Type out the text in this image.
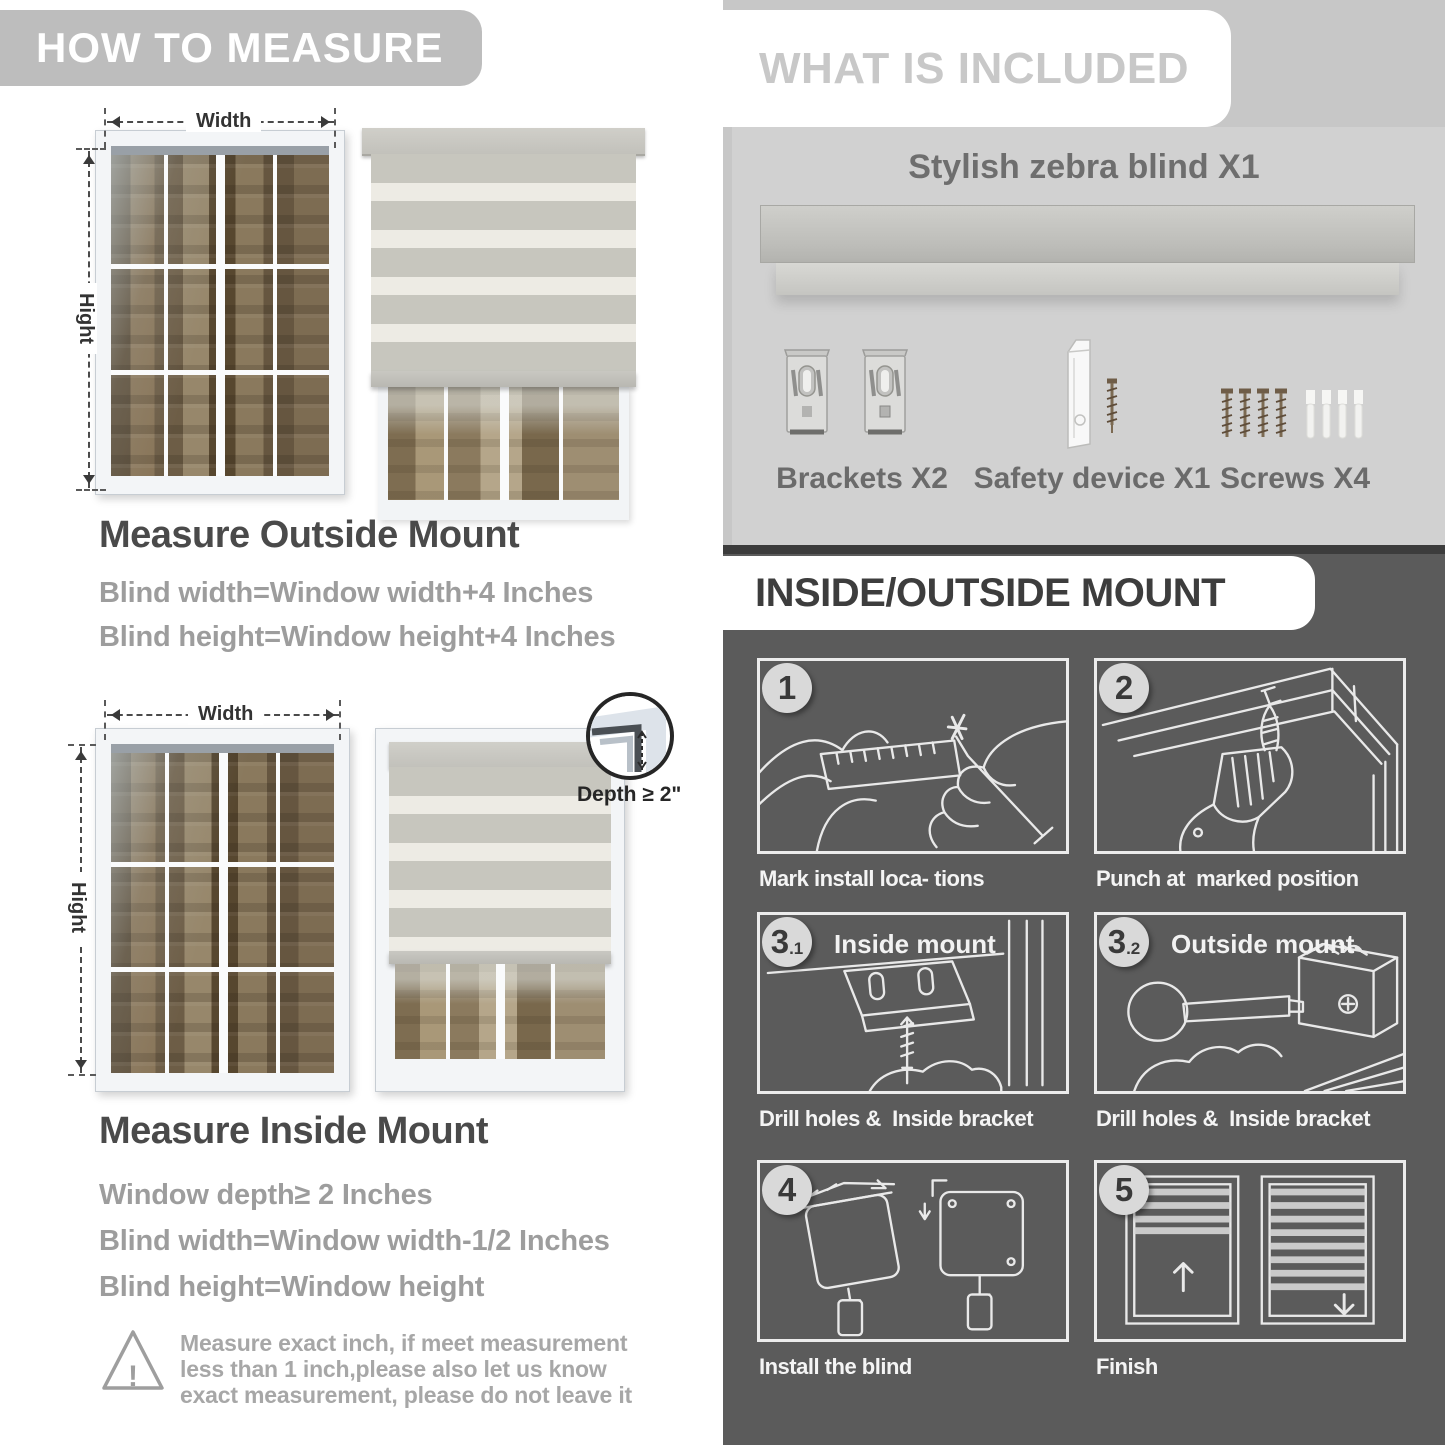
HOW TO MEASURE
Width
Hight
Measure Outside Mount

Blind width=Window width+4 Inches

Blind height=Window height+4 Inches

Width
Hight
Depth ≥ 2"
Measure Inside Mount

Window depth≥ 2 Inches

Blind width=Window width-1/2 Inches

Blind height=Window height

!
Measure exact inch, if meet measurement less than 1 inch,please also let us know exact measurement, please do not leave it
WHAT IS INCLUDED
Stylish zebra blind X1
Brackets X2 Safety device X1 Screws X4
INSIDE/OUTSIDE MOUNT
1
Mark install loca- tions
2
Punch at  marked position
3 .1 Inside mount
Drill holes &  Inside bracket
3 .2 Outside mount
Drill holes &  Inside bracket
4
Install the blind
5
Finish
